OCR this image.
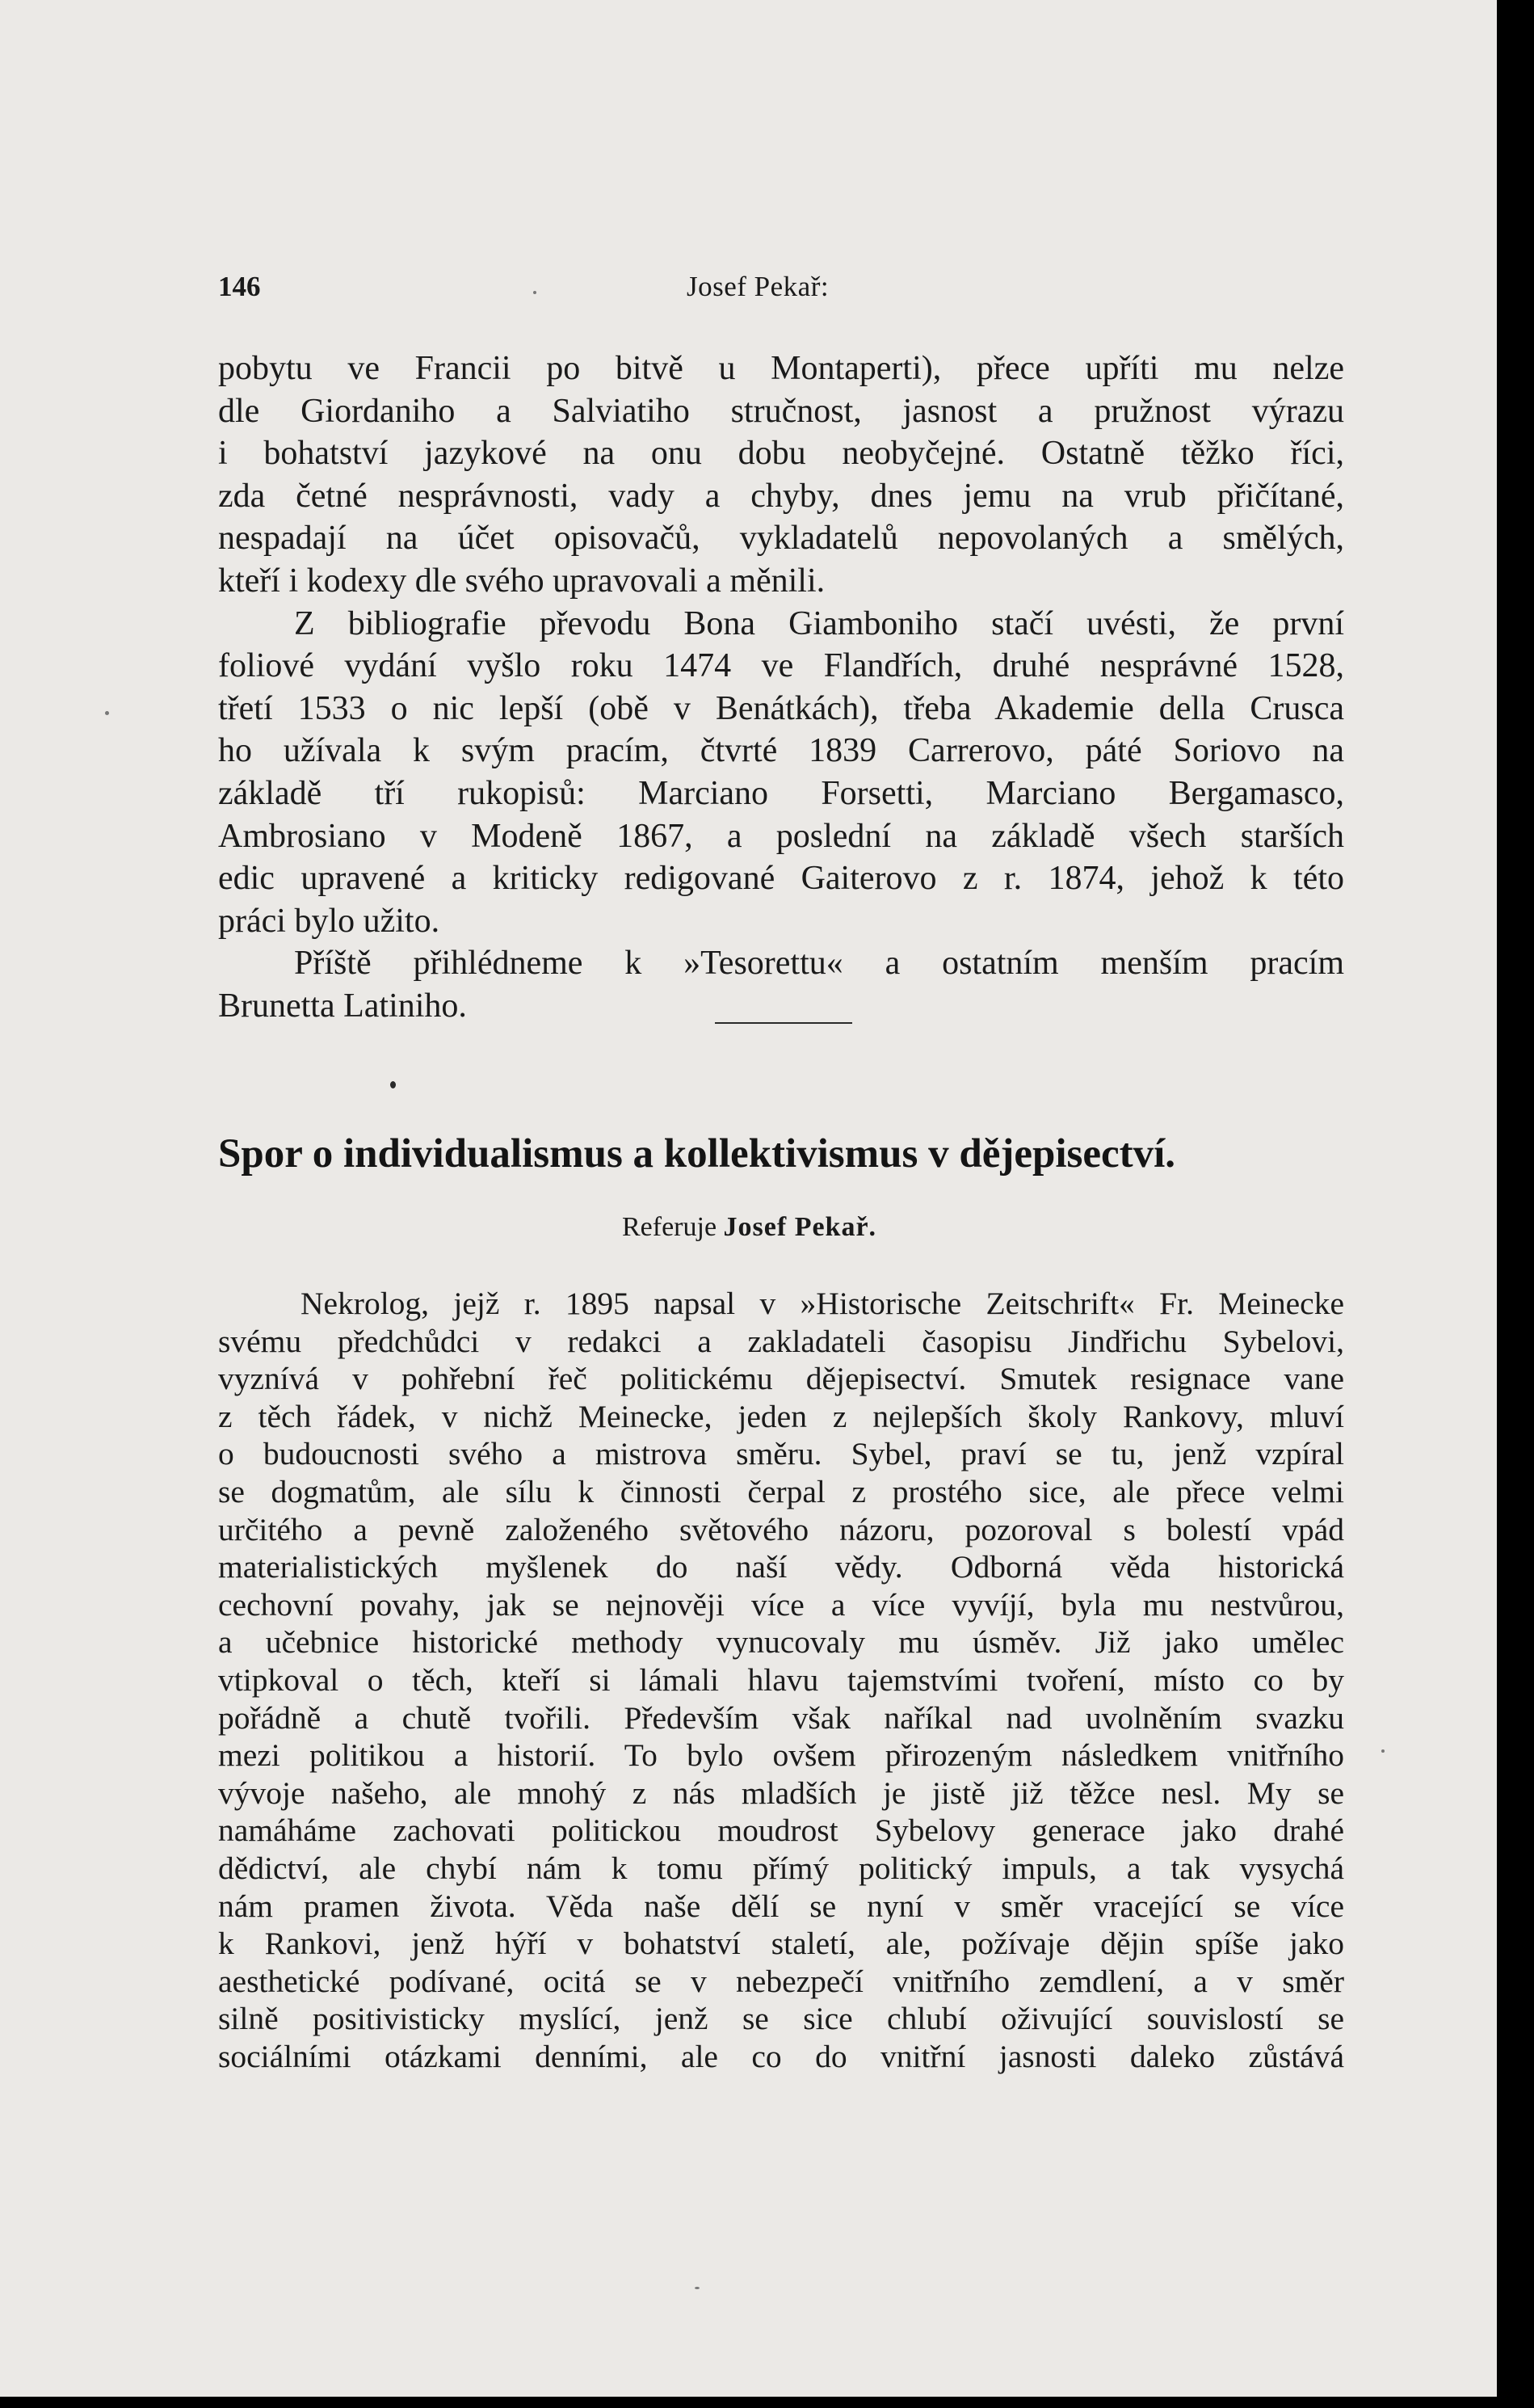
146	Josef Pekař:
pobytu ve Francii po bitvě u Montaperti), přece upříti mu nelze
dle Giordaniho a Salviatiho stručnost, jasnost a pružnost výrazu
i bohatství jazykové na onu dobu neobyčejné. Ostatně těžko říci,
zda četné nesprávnosti, vady a chyby, dnes jemu na vrub přičítané,
nespadají na účet opisovačů, vykladatelů nepovolaných a smělých,
kteří i kodexy dle svého upravovali a měnili.
Z bibliografie převodu Bona Giamboniho stačí uvésti, že první
foliové vydání vyšlo roku 1474 ve Flandřích, druhé nesprávné 1528,
třetí 1533 o nic lepší (obě v Benátkách), třeba Akademie della Crusca
ho užívala k svým pracím, čtvrté 1839 Carrerovo, páté Soriovo na
základě tří rukopisů: Marciano Forsetti, Marciano Bergamasco,
Ambrosiano v Modeně 1867, a poslední na základě všech starších
edic upravené a kriticky redigované Gaiterovo z r. 1874, jehož k této
práci bylo užito.
Příště přihlédneme k »Tesorettu« a ostatním menším pracím
Brunetta Latiniho.
Spor o individualismus a kollektivismus v dějepisectví.
Referuje Josef Pekař.
Nekrolog, jejž r. 1895 napsal v »Historische Zeitschrift« Fr. Meinecke
svému předchůdci v redakci a zakladateli časopisu Jindřichu Sybelovi,
vyznívá v pohřební řeč politickému dějepisectví. Smutek resignace vane
z těch řádek, v nichž Meinecke, jeden z nejlepších školy Rankovy, mluví
o budoucnosti svého a mistrova směru. Sybel, praví se tu, jenž vzpíral
se dogmatům, ale sílu k činnosti čerpal z prostého sice, ale přece velmi
určitého a pevně založeného světového názoru, pozoroval s bolestí vpád
materialistických myšlenek do naší vědy. Odborná věda historická
cechovní povahy, jak se nejnověji více a více vyvíjí, byla mu nestvůrou,
a učebnice historické methody vynucovaly mu úsměv. Již jako umělec
vtipkoval o těch, kteří si lámali hlavu tajemstvími tvoření, místo co by
pořádně a chutě tvořili. Především však naříkal nad uvolněním svazku
mezi politikou a historií. To bylo ovšem přirozeným následkem vnitřního
vývoje našeho, ale mnohý z nás mladších je jistě již těžce nesl. My se
namáháme zachovati politickou moudrost Sybelovy generace jako drahé
dědictví, ale chybí nám k tomu přímý politický impuls, a tak vysychá
nám pramen života. Věda naše dělí se nyní v směr vracející se více
k Rankovi, jenž hýří v bohatství staletí, ale, požívaje dějin spíše jako
aesthetické podívané, ocitá se v nebezpečí vnitřního zemdlení, a v směr
silně positivisticky myslící, jenž se sice chlubí oživující souvislostí se
sociálními otázkami denními, ale co do vnitřní jasnosti daleko zůstává
